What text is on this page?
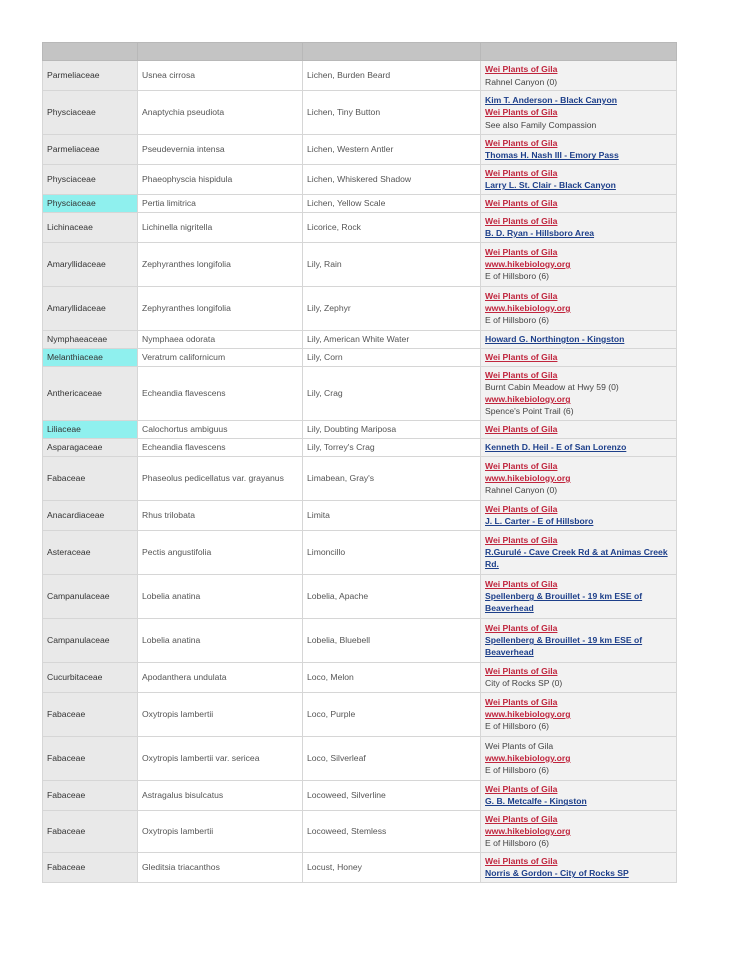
Parmeliaceae	Usnea cirrosa	Lichen, Burden Beard	Wei Plants of Gila
Rahnel Canyon (0)

Physciaceae	Anaptychia pseudiota	Lichen, Tiny Button	Kim T. Anderson - Black Canyon
Wei Plants of Gila
See also Family Compassion

Parmeliaceae	Pseudevernia intensa	Lichen, Western Antler	Wei Plants of Gila
Thomas H. Nash III - Emory Pass

Physciaceae	Phaeophyscia hispidula	Lichen, Whiskered Shadow	Wei Plants of Gila
Larry L. St. Clair - Black Canyon

Physciaceae	Pertia limitrica	Lichen, Yellow Scale	Wei Plants of Gila

Lichinaceae	Lichinella nigritella	Licorice, Rock	Wei Plants of Gila
B. D. Ryan - Hillsboro Area

Amaryllidaceae	Zephyranthes longifolia	Lily, Rain	Wei Plants of Gila
www.hikebiology.org
E of Hillsboro (6)

Amaryllidaceae	Zephyranthes longifolia	Lily, Zephyr	Wei Plants of Gila
www.hikebiology.org
E of Hillsboro (6)

Nymphaeaceae	Nymphaea odorata	Lily, American White Water	Howard G. Northington - Kingston

Melanthiaceae	Veratrum californicum	Lily, Corn	Wei Plants of Gila

Anthericaceae	Echeandia flavescens	Lily, Crag	Wei Plants of Gila
Burnt Cabin Meadow at Hwy 59 (0)
www.hikebiology.org
Spence's Point Trail (6)

Liliaceae	Calochortus ambiguus	Lily, Doubting Mariposa	Wei Plants of Gila

Asparagaceae	Echeandia flavescens	Lily, Torrey's Crag	Kenneth D. Heil - E of San Lorenzo

Fabaceae	Phaseolus pedicellatus var. grayanus	Limabean, Gray's	Wei Plants of Gila
www.hikebiology.org
Rahnel Canyon (0)

Anacardiaceae	Rhus trilobata	Limita	Wei Plants of Gila
J. L. Carter - E of Hillsboro

Asteraceae	Pectis angustifolia	Limoncillo	Wei Plants of Gila
R.Gurulé - Cave Creek Rd & at Animas Creek Rd.

Campanulaceae	Lobelia anatina	Lobelia, Apache	Wei Plants of Gila
Spellenberg & Brouillet - 19 km ESE of Beaverhead

Campanulaceae	Lobelia anatina	Lobelia, Bluebell	Wei Plants of Gila
Spellenberg & Brouillet - 19 km ESE of Beaverhead

Cucurbitaceae	Apodanthera undulata	Loco, Melon	Wei Plants of Gila
City of Rocks SP (0)

Fabaceae	Oxytropis lambertii	Loco, Purple	Wei Plants of Gila
www.hikebiology.org
E of Hillsboro (6)

Fabaceae	Oxytropis lambertii var. sericea	Loco, Silverleaf	Wei Plants of Gila
www.hikebiology.org
E of Hillsboro (6)

Fabaceae	Astragalus bisulcatus	Locoweed, Silverline	Wei Plants of Gila
G. B. Metcalfe - Kingston

Fabaceae	Oxytropis lambertii	Locoweed, Stemless	Wei Plants of Gila
www.hikebiology.org
E of Hillsboro (6)

Fabaceae	Gleditsia triacanthos	Locust, Honey	Wei Plants of Gila
Norris & Gordon - City of Rocks SP
